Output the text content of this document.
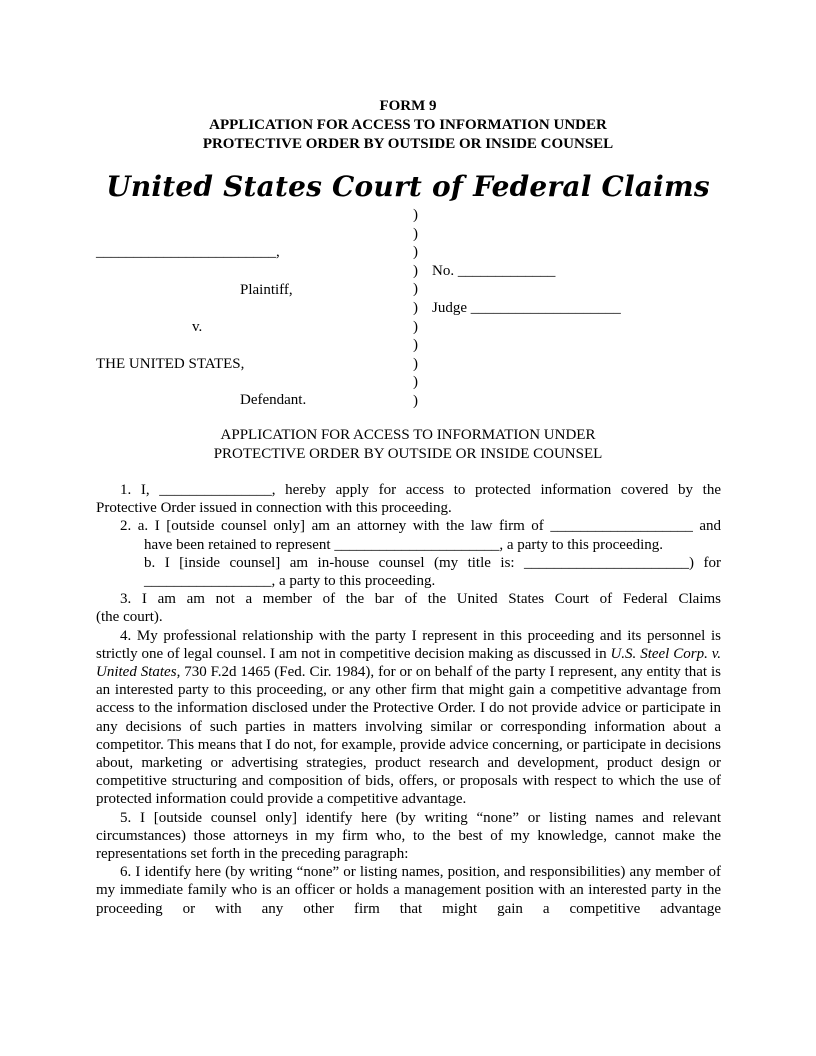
FORM 9
APPLICATION FOR ACCESS TO INFORMATION UNDER
PROTECTIVE ORDER BY OUTSIDE OR INSIDE COUNSEL
United States Court of Federal Claims
)
)
)
)
)
)
)
)
)
)
)
________________________,
Plaintiff,
v.
THE UNITED STATES,
Defendant.
No. _____________
Judge ____________________
APPLICATION FOR ACCESS TO INFORMATION UNDER
PROTECTIVE ORDER BY OUTSIDE OR INSIDE COUNSEL

1. I, _______________, hereby apply for access to protected information covered by the

Protective Order issued in connection with this proceeding.

2. a. I [outside counsel only] am an attorney with the law firm of ___________________ and

have been retained to represent ______________________, a party to this proceeding.

b. I [inside counsel] am in-house counsel (my title is: ______________________) for

_________________, a party to this proceeding.

3. I am am not a member of the bar of the United States Court of Federal Claims

(the court).

4. My professional relationship with the party I represent in this proceeding and its personnel is strictly one of legal counsel. I am not in competitive decision making as discussed in U.S. Steel Corp. v. United States, 730 F.2d 1465 (Fed. Cir. 1984), for or on behalf of the party I represent, any entity that is an interested party to this proceeding, or any other firm that might gain a competitive advantage from access to the information disclosed under the Protective Order. I do not provide advice or participate in any decisions of such parties in matters involving similar or corresponding information about a competitor. This means that I do not, for example, provide advice concerning, or participate in decisions about, marketing or advertising strategies, product research and development, product design or competitive structuring and composition of bids, offers, or proposals with respect to which the use of protected information could provide a competitive advantage.

5. I [outside counsel only] identify here (by writing “none” or listing names and relevant circumstances) those attorneys in my firm who, to the best of my knowledge, cannot make the representations set forth in the preceding paragraph:

6. I identify here (by writing “none” or listing names, position, and responsibilities) any member of my immediate family who is an officer or holds a management position with an interested party in the proceeding or with any other firm that might gain a competitive advantage
